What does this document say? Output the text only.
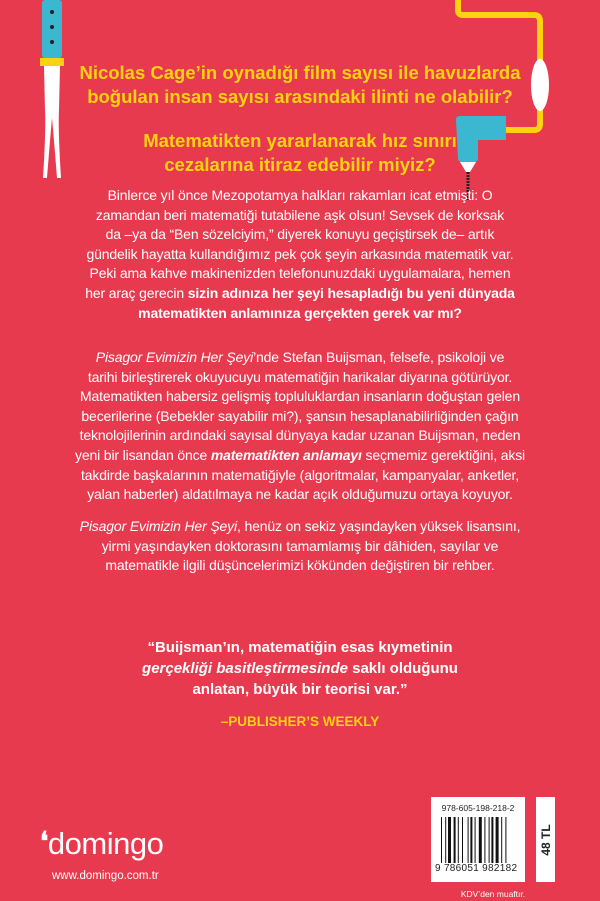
Nicolas Cage’in oynadığı film sayısı ile havuzlarda
boğulan insan sayısı arasındaki ilinti ne olabilir?
Matematikten yararlanarak hız sınırı
cezalarına itiraz edebilir miyiz?
Binlerce yıl önce Mezopotamya halkları rakamları icat etmişti: O
zamandan beri matematiği tutabilene aşk olsun! Sevsek de korksak
da –ya da “Ben sözelciyim,” diyerek konuyu geçiştirsek de– artık
gündelik hayatta kullandığımız pek çok şeyin arkasında matematik var.
Peki ama kahve makinenizden telefonunuzdaki uygulamalara, hemen
her araç gerecin sizin adınıza her şeyi hesapladığı bu yeni dünyada
matematikten anlamınıza gerçekten gerek var mı?
Pisagor Evimizin Her Şeyi’nde Stefan Buijsman, felsefe, psikoloji ve
tarihi birleştirerek okuyucuyu matematiğin harikalar diyarına götürüyor.
Matematikten habersiz gelişmiş topluluklardan insanların doğuştan gelen
becerilerine (Bebekler sayabilir mi?), şansın hesaplanabilirliğinden çağın
teknolojilerinin ardındaki sayısal dünyaya kadar uzanan Buijsman, neden
yeni bir lisandan önce matematikten anlamayı seçmemiz gerektiğini, aksi
takdirde başkalarının matematiğiyle (algoritmalar, kampanyalar, anketler,
yalan haberler) aldatılmaya ne kadar açık olduğumuzu ortaya koyuyor.
Pisagor Evimizin Her Şeyi, henüz on sekiz yaşındayken yüksek lisansını,
yirmi yaşındayken doktorasını tamamlamış bir dâhiden, sayılar ve
matematikle ilgili düşüncelerimizi kökünden değiştiren bir rehber.
“Buijsman’ın, matematiğin esas kıymetinin
gerçekliği basitleştirmesinde saklı olduğunu
anlatan, büyük bir teorisi var.”
–PUBLISHER’S WEEKLY
❛domingo
www.domingo.com.tr
978-605-198-218-2
9 786051 982182
48 TL
KDV’den muaftır.
